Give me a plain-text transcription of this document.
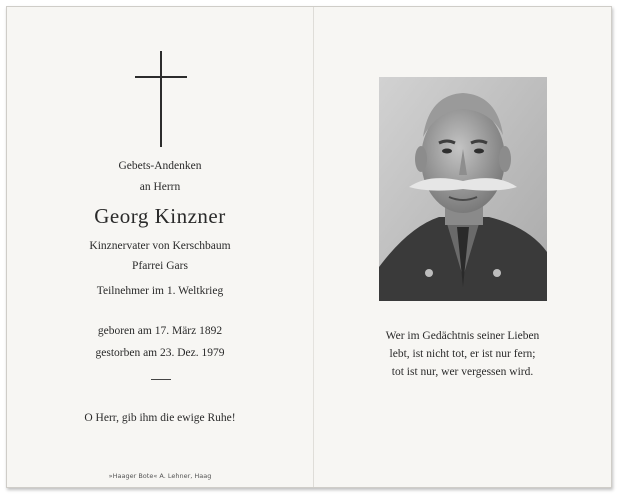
Gebets-Andenken
an Herrn
Georg Kinzner
Kinznervater von Kerschbaum
Pfarrei Gars
Teilnehmer im 1. Weltkrieg
geboren am 17. März 1892
gestorben am 23. Dez. 1979
O Herr, gib ihm die ewige Ruhe!
»Haager Bote« A. Lehner, Haag
Wer im Gedächtnis seiner Lieben
lebt, ist nicht tot, er ist nur fern;
tot ist nur, wer vergessen wird.
